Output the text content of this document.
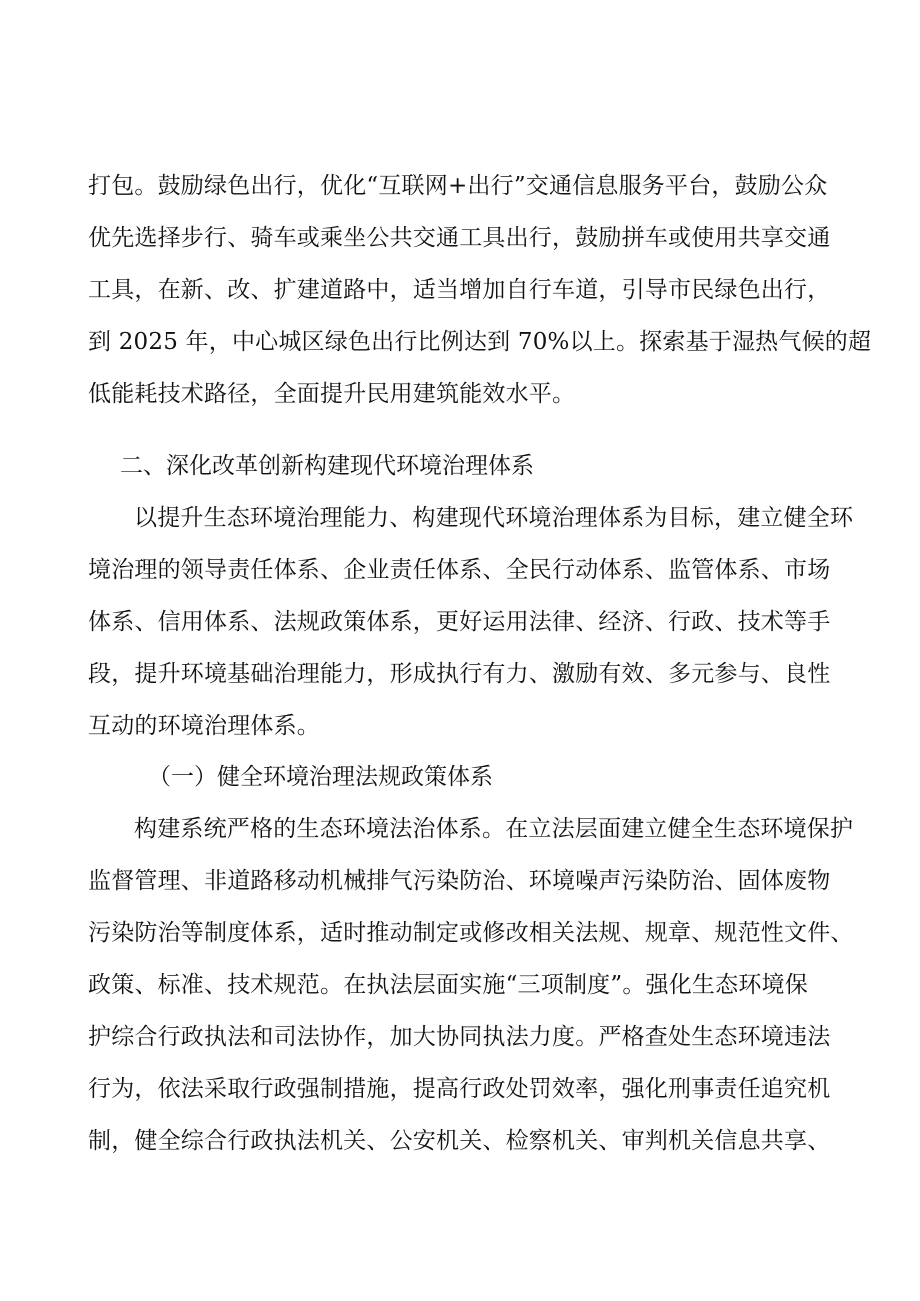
打包。鼓励绿色出行，优化“互联网+出行”交通信息服务平台，鼓励公众
优先选择步行、骑车或乘坐公共交通工具出行，鼓励拼车或使用共享交通
工具，在新、改、扩建道路中，适当增加自行车道，引导市民绿色出行，
到 2025 年，中心城区绿色出行比例达到 70%以上。探索基于湿热气候的超
低能耗技术路径，全面提升民用建筑能效水平。
二、深化改革创新构建现代环境治理体系
以提升生态环境治理能力、构建现代环境治理体系为目标，建立健全环
境治理的领导责任体系、企业责任体系、全民行动体系、监管体系、市场
体系、信用体系、法规政策体系，更好运用法律、经济、行政、技术等手
段，提升环境基础治理能力，形成执行有力、激励有效、多元参与、良性
互动的环境治理体系。
（一）健全环境治理法规政策体系
构建系统严格的生态环境法治体系。在立法层面建立健全生态环境保护
监督管理、非道路移动机械排气污染防治、环境噪声污染防治、固体废物
污染防治等制度体系，适时推动制定或修改相关法规、规章、规范性文件、
政策、标准、技术规范。在执法层面实施“三项制度”。强化生态环境保
护综合行政执法和司法协作，加大协同执法力度。严格查处生态环境违法
行为，依法采取行政强制措施，提高行政处罚效率，强化刑事责任追究机
制，健全综合行政执法机关、公安机关、检察机关、审判机关信息共享、
